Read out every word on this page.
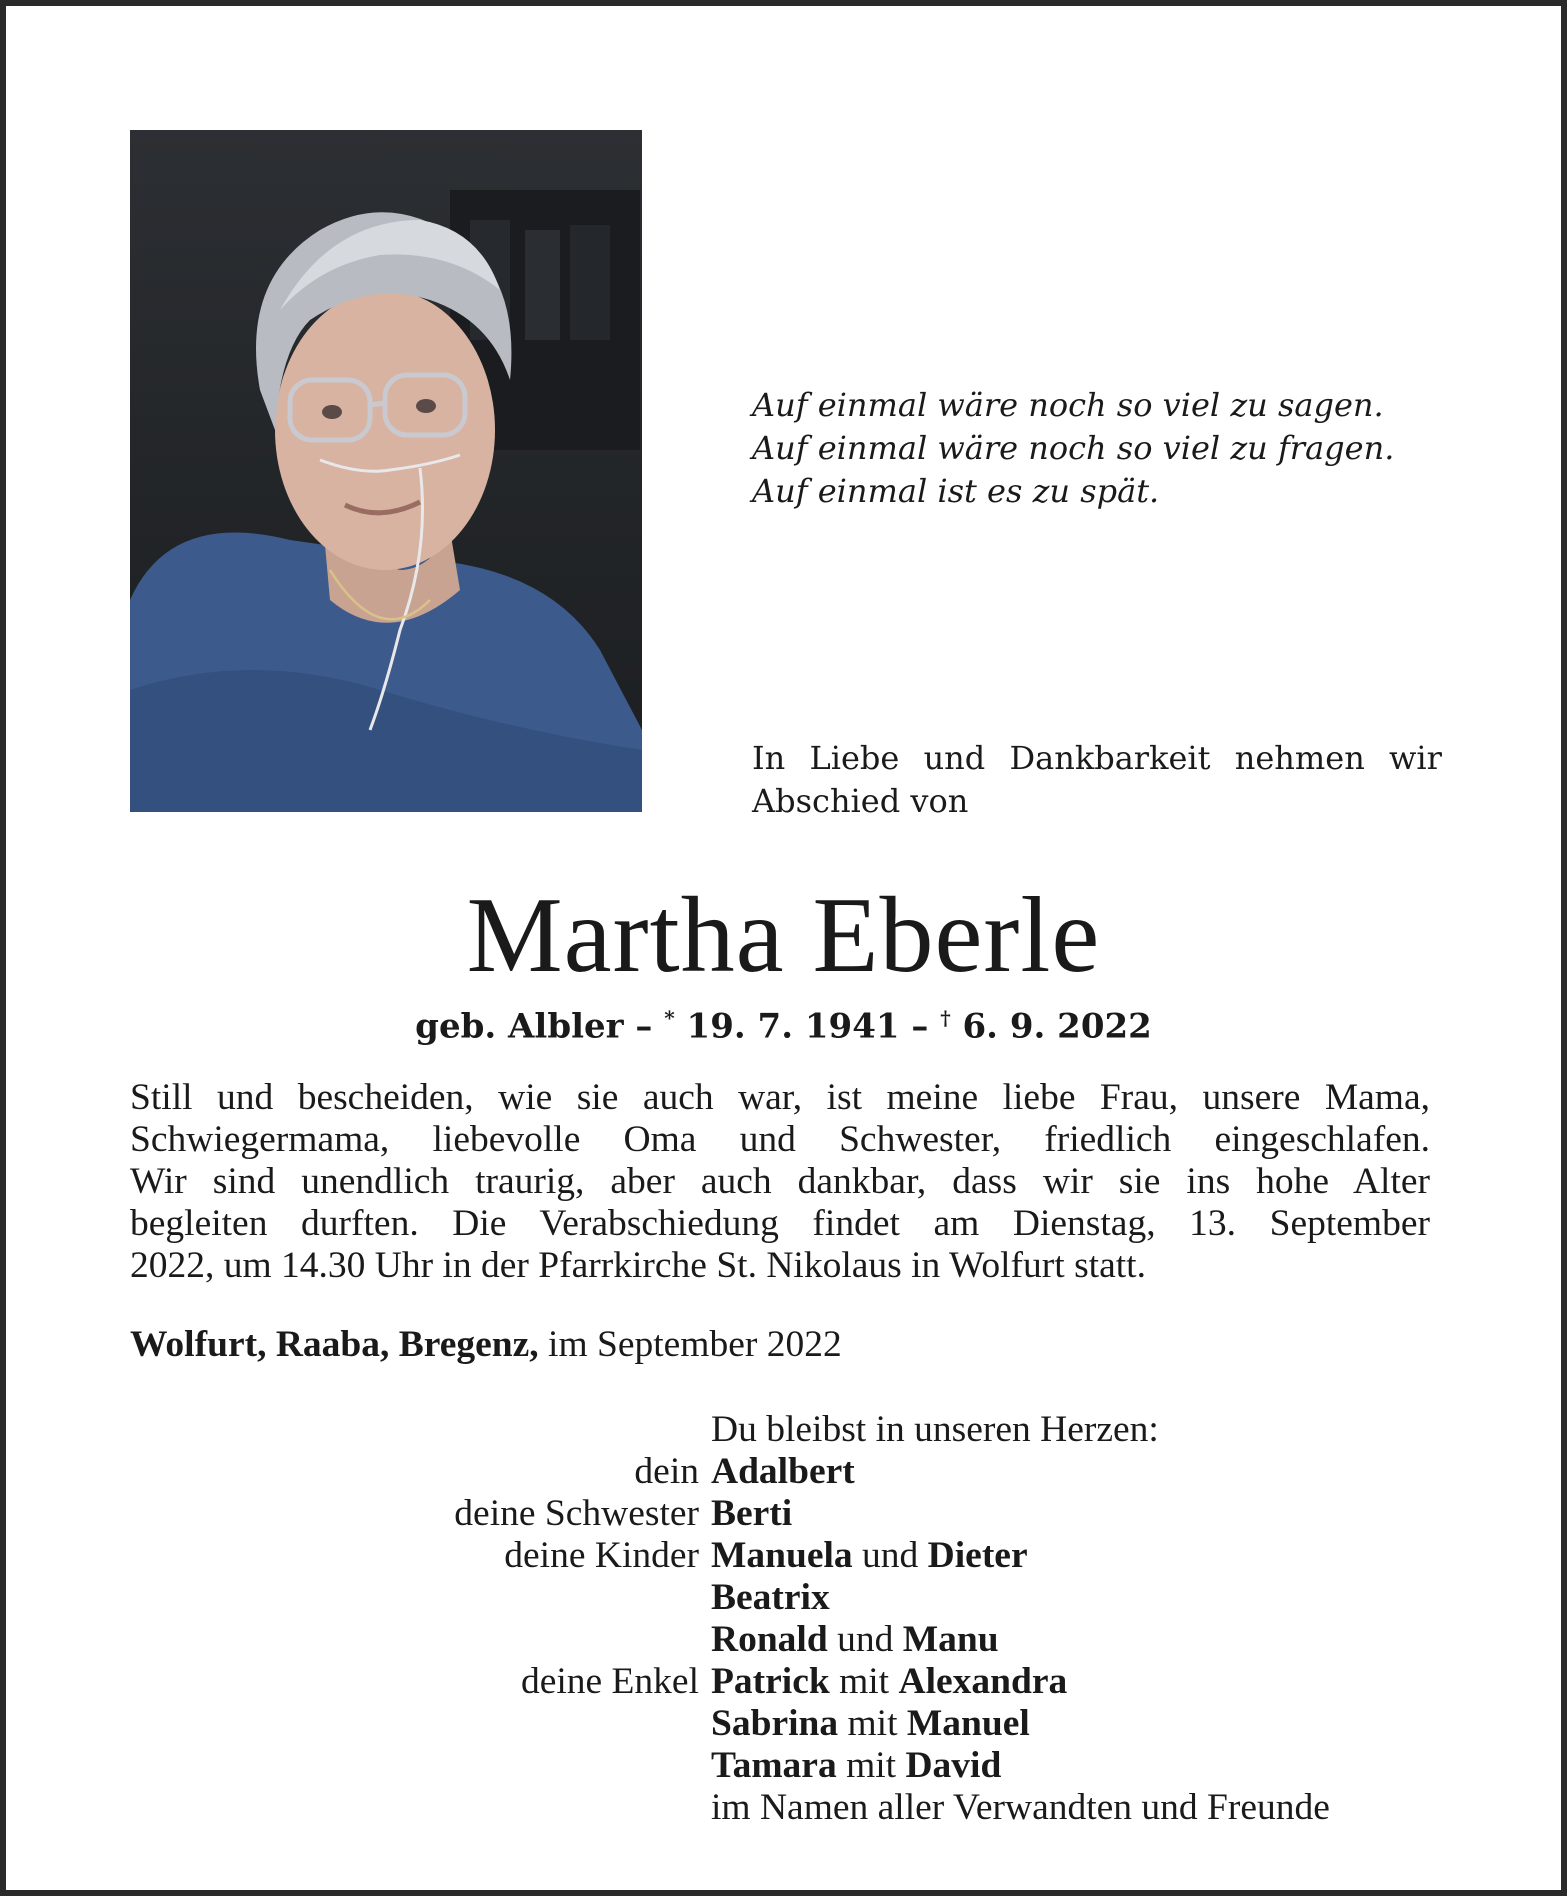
Auf einmal wäre noch so viel zu sagen.
Auf einmal wäre noch so viel zu fragen.
Auf einmal ist es zu spät.
In Liebe und Dankbarkeit nehmen wir
Abschied von
Martha Eberle
geb. Albler – * 19. 7. 1941 – † 6. 9. 2022
Still und bescheiden, wie sie auch war, ist meine liebe Frau, unsere Mama,
Schwiegermama, liebevolle Oma und Schwester, friedlich eingeschlafen.
Wir sind unendlich traurig, aber auch dankbar, dass wir sie ins hohe Alter
begleiten durften. Die Verabschiedung findet am Dienstag, 13. September
2022, um 14.30 Uhr in der Pfarrkirche St. Nikolaus in Wolfurt statt.
Wolfurt, Raaba, Bregenz, im September 2022
Du bleibst in unseren Herzen:
dein Adalbert
deine Schwester Berti
deine Kinder Manuela und Dieter
Beatrix
Ronald und Manu
deine Enkel Patrick mit Alexandra
Sabrina mit Manuel
Tamara mit David
im Namen aller Verwandten und Freunde
